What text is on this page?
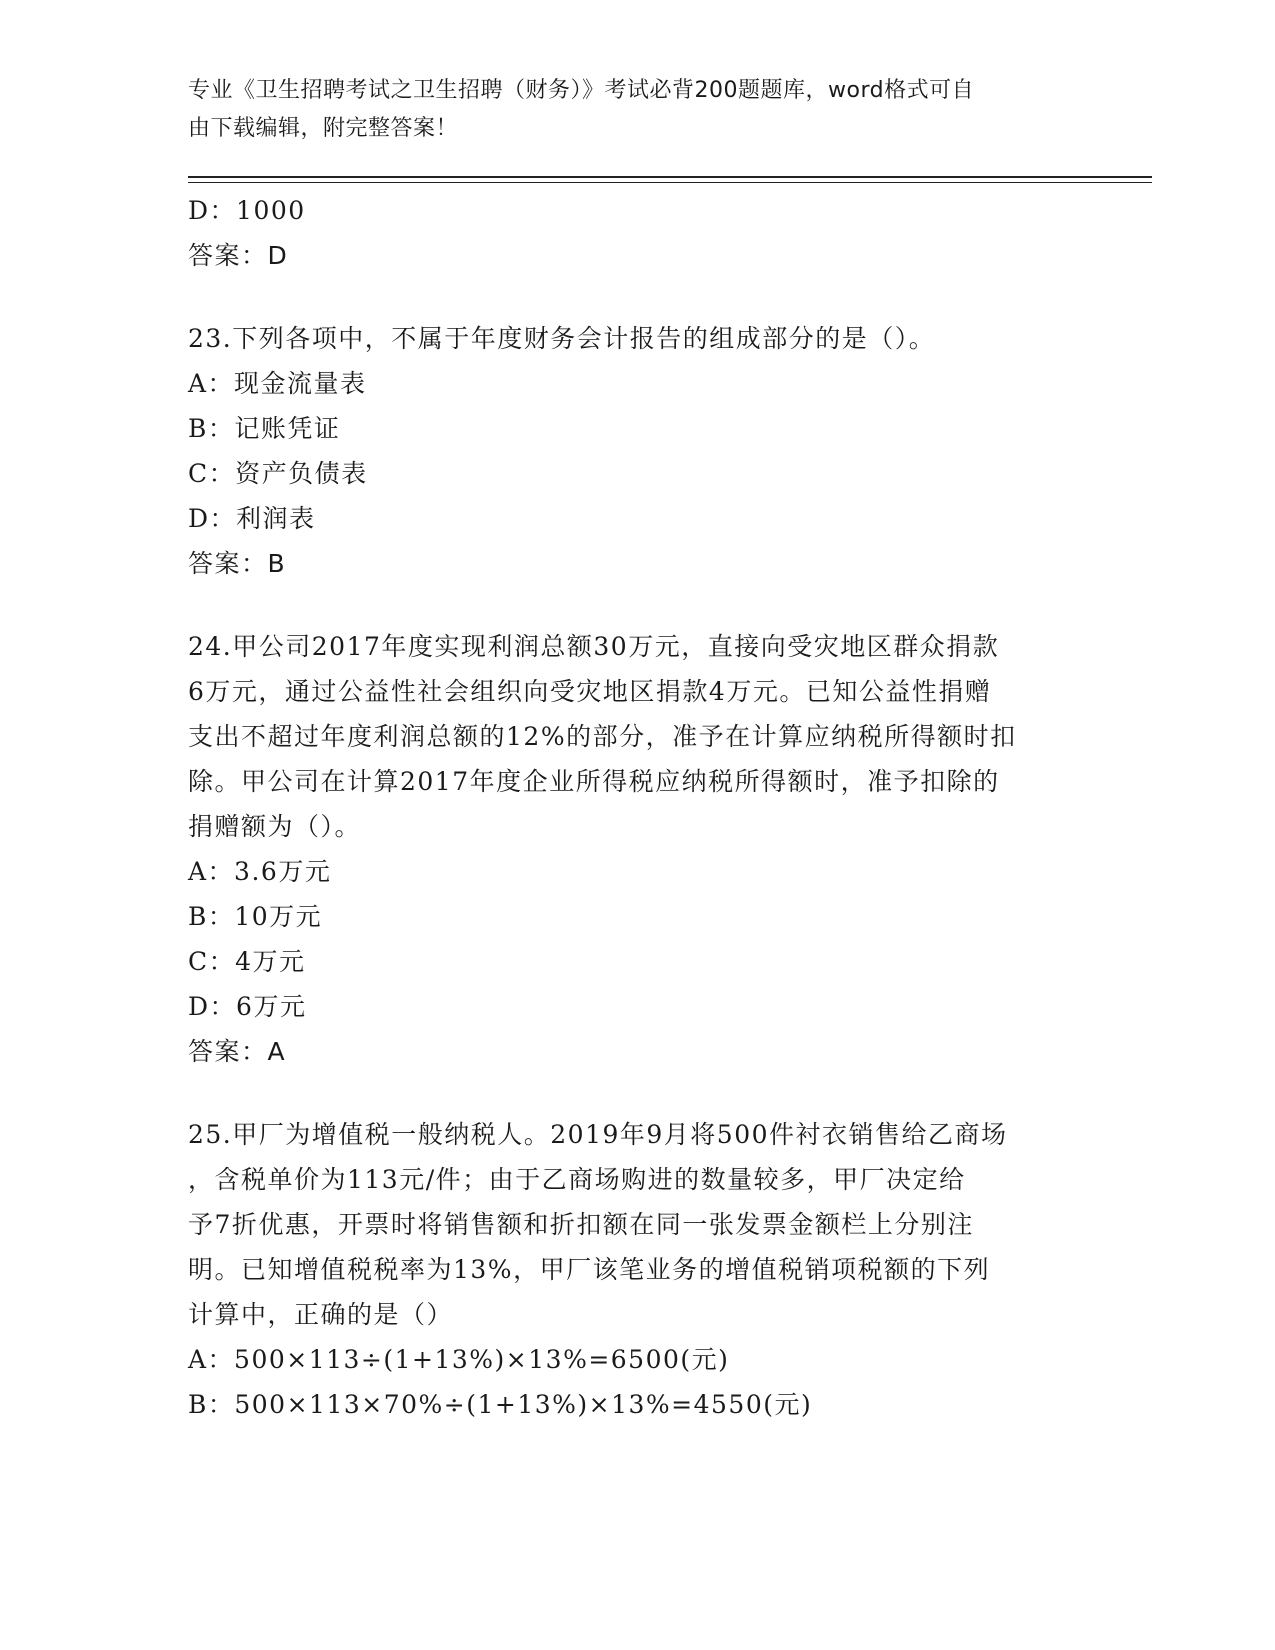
专业《卫生招聘考试之卫生招聘（财务）》考试必背200题题库，word格式可自
由下载编辑，附完整答案！
D：1000
答案：D
23.下列各项中，不属于年度财务会计报告的组成部分的是（）。
A：现金流量表
B：记账凭证
C：资产负债表
D：利润表
答案：B
24.甲公司2017年度实现利润总额30万元，直接向受灾地区群众捐款
6万元，通过公益性社会组织向受灾地区捐款4万元。已知公益性捐赠
支出不超过年度利润总额的12%的部分，准予在计算应纳税所得额时扣
除。甲公司在计算2017年度企业所得税应纳税所得额时，准予扣除的
捐赠额为（）。
A：3.6万元
B：10万元
C：4万元
D：6万元
答案：A
25.甲厂为增值税一般纳税人。2019年9月将500件衬衣销售给乙商场
，含税单价为113元/件；由于乙商场购进的数量较多，甲厂决定给
予7折优惠，开票时将销售额和折扣额在同一张发票金额栏上分别注
明。已知增值税税率为13%，甲厂该笔业务的增值税销项税额的下列
计算中，正确的是（）
A：500×113÷(1+13%)×13%=6500(元)
B：500×113×70%÷(1+13%)×13%=4550(元)
